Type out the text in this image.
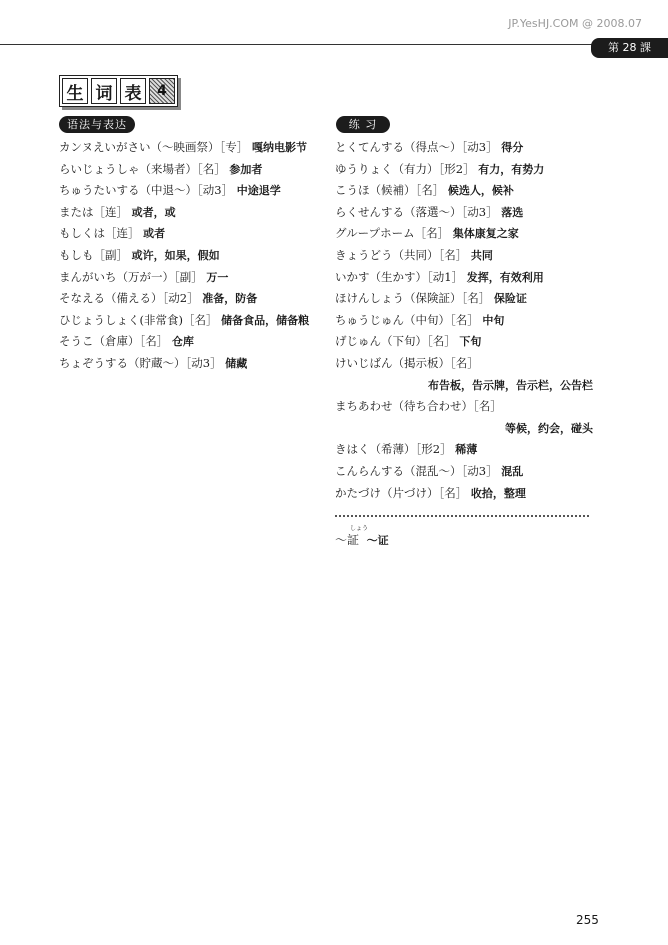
JP.YesHJ.COM @ 2008.07
第 28 課
生 词 表	4
语法与表达	练 习
カンヌえいがさい（～映画祭）［专］ 嘎纳电影节
らいじょうしゃ（来場者）［名］ 参加者
ちゅうたいする（中退～）［动3］ 中途退学
または［连］ 或者，或
もしくは［连］ 或者
もしも［副］ 或许，如果，假如
まんがいち（万が一）［副］ 万一
そなえる（備える）［动2］ 准备，防备
ひじょうしょく(非常食)［名］ 储备食品，储备粮
そうこ（倉庫）［名］ 仓库
ちょぞうする（貯蔵～）［动3］ 储藏
とくてんする（得点～）［动3］ 得分
ゆうりょく（有力）［形2］ 有力，有势力
こうほ（候補）［名］ 候选人，候补
らくせんする（落選～）［动3］ 落选
グループホーム［名］ 集体康复之家
きょうどう（共同）［名］ 共同
いかす（生かす）［动1］ 发挥，有效利用
ほけんしょう（保険証）［名］ 保险证
ちゅうじゅん（中旬）［名］ 中旬
げじゅん（下旬）［名］ 下旬
けいじばん（掲示板）［名］
布告板，告示牌，告示栏，公告栏
まちあわせ（待ち合わせ）［名］
等候，约会，碰头
きはく（希薄）［形2］ 稀薄
こんらんする（混乱～）［动3］ 混乱
かたづけ（片づけ）［名］ 收拾，整理
～
しょう
証 ～证
255
